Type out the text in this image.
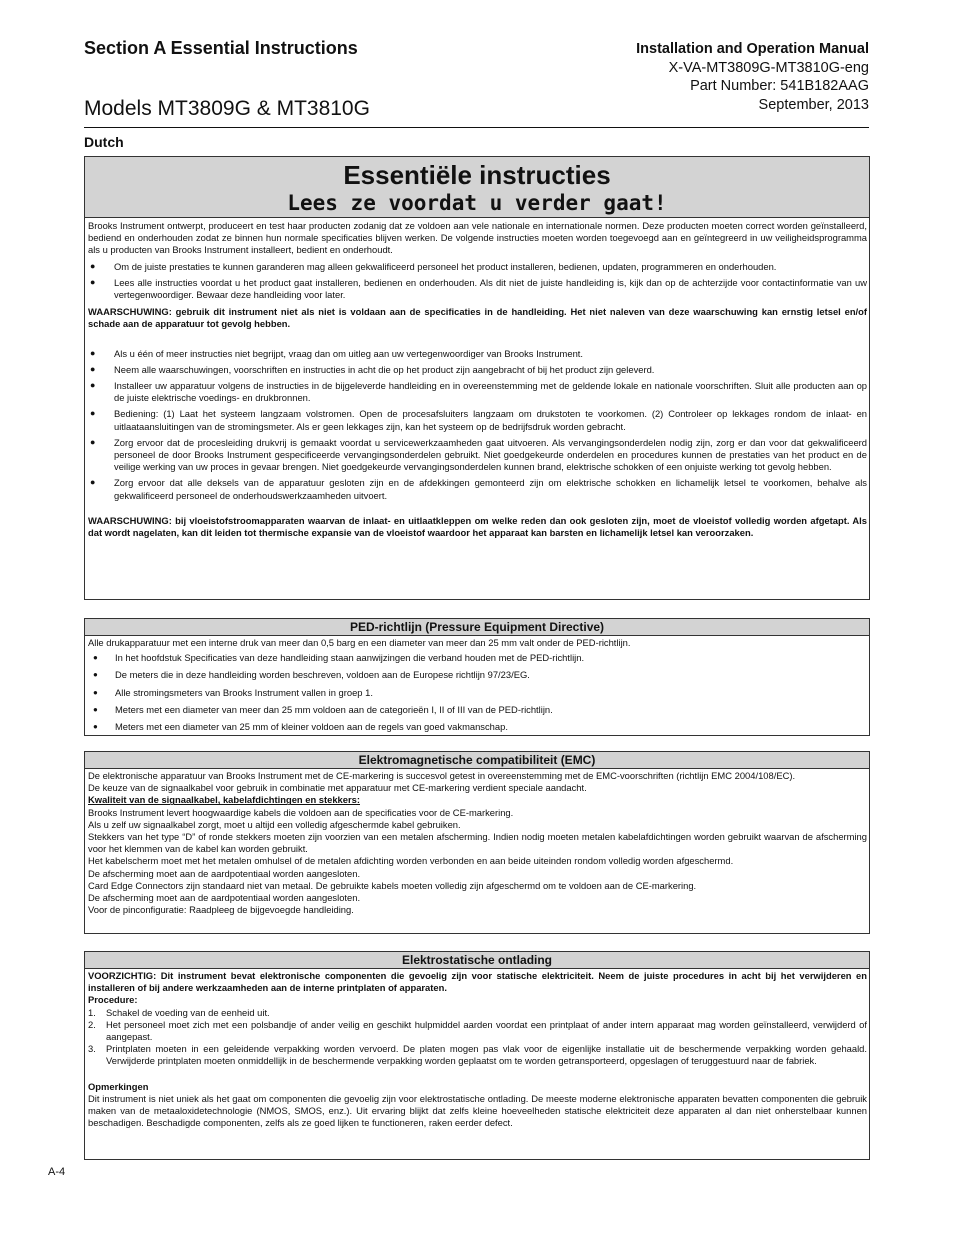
Section A Essential Instructions
Models MT3809G & MT3810G
Installation and Operation Manual
X-VA-MT3809G-MT3810G-eng
Part Number: 541B182AAG
September, 2013
Dutch
Essentiële instructies
Lees ze voordat u verder gaat!

Brooks Instrument ontwerpt, produceert en test haar producten zodanig dat ze voldoen aan vele nationale en internationale normen. Deze producten moeten correct worden geïnstalleerd, bediend en onderhouden zodat ze binnen hun normale specificaties blijven werken. De volgende instructies moeten worden toegevoegd aan en geïntegreerd in uw veiligheidsprogramma als u producten van Brooks Instrument installeert, bedient en onderhoudt.

● Om de juiste prestaties te kunnen garanderen mag alleen gekwalificeerd personeel het product installeren, bedienen, updaten, programmeren en onderhouden.
● Lees alle instructies voordat u het product gaat installeren, bedienen en onderhouden. Als dit niet de juiste handleiding is, kijk dan op de achterzijde voor contactinformatie van uw vertegenwoordiger. Bewaar deze handleiding voor later.

WAARSCHUWING: gebruik dit instrument niet als niet is voldaan aan de specificaties in de handleiding. Het niet naleven van deze waarschuwing kan ernstig letsel en/of schade aan de apparatuur tot gevolg hebben.

● Als u één of meer instructies niet begrijpt, vraag dan om uitleg aan uw vertegenwoordiger van Brooks Instrument.
● Neem alle waarschuwingen, voorschriften en instructies in acht die op het product zijn aangebracht of bij het product zijn geleverd.
● Installeer uw apparatuur volgens de instructies in de bijgeleverde handleiding en in overeenstemming met de geldende lokale en nationale voorschriften. Sluit alle producten aan op de juiste elektrische voedings- en drukbronnen.
● Bediening: (1) Laat het systeem langzaam volstromen. Open de procesafsluiters langzaam om drukstoten te voorkomen. (2) Controleer op lekkages rondom de inlaat- en uitlaataansluitingen van de stromingsmeter. Als er geen lekkages zijn, kan het systeem op de bedrijfsdruk worden gebracht.
● Zorg ervoor dat de procesleiding drukvrij is gemaakt voordat u servicewerkzaamheden gaat uitvoeren. Als vervangingsonderdelen nodig zijn, zorg er dan voor dat gekwalificeerd personeel de door Brooks Instrument gespecificeerde vervangingsonderdelen gebruikt. Niet goedgekeurde onderdelen en procedures kunnen de prestaties van het product en de veilige werking van uw proces in gevaar brengen. Niet goedgekeurde vervangingsonderdelen kunnen brand, elektrische schokken of een onjuiste werking tot gevolg hebben.
● Zorg ervoor dat alle deksels van de apparatuur gesloten zijn en de afdekkingen gemonteerd zijn om elektrische schokken en lichamelijk letsel te voorkomen, behalve als gekwalificeerd personeel de onderhoudswerkzaamheden uitvoert.

WAARSCHUWING: bij vloeistofstroomapparaten waarvan de inlaat- en uitlaatkleppen om welke reden dan ook gesloten zijn, moet de vloeistof volledig worden afgetapt. Als dat wordt nagelaten, kan dit leiden tot thermische expansie van de vloeistof waardoor het apparaat kan barsten en lichamelijk letsel kan veroorzaken.

PED-richtlijn (Pressure Equipment Directive)

Alle drukapparatuur met een interne druk van meer dan 0,5 barg en een diameter van meer dan 25 mm valt onder de PED-richtlijn.

● In het hoofdstuk Specificaties van deze handleiding staan aanwijzingen die verband houden met de PED-richtlijn.
● De meters die in deze handleiding worden beschreven, voldoen aan de Europese richtlijn 97/23/EG.
● Alle stromingsmeters van Brooks Instrument vallen in groep 1.
● Meters met een diameter van meer dan 25 mm voldoen aan de categorieën I, II of III van de PED-richtlijn.
● Meters met een diameter van 25 mm of kleiner voldoen aan de regels van goed vakmanschap.
Elektromagnetische compatibiliteit (EMC)

De elektronische apparatuur van Brooks Instrument met de CE-markering is succesvol getest in overeenstemming met de EMC-voorschriften (richtlijn EMC 2004/108/EC).

De keuze van de signaalkabel voor gebruik in combinatie met apparatuur met CE-markering verdient speciale aandacht.

Kwaliteit van de signaalkabel, kabelafdichtingen en stekkers:

Brooks Instrument levert hoogwaardige kabels die voldoen aan de specificaties voor de CE-markering.

Als u zelf uw signaalkabel zorgt, moet u altijd een volledig afgeschermde kabel gebruiken.

Stekkers van het type “D” of ronde stekkers moeten zijn voorzien van een metalen afscherming. Indien nodig moeten metalen kabelafdichtingen worden gebruikt waarvan de afscherming voor het klemmen van de kabel kan worden gebruikt.

Het kabelscherm moet met het metalen omhulsel of de metalen afdichting worden verbonden en aan beide uiteinden rondom volledig worden afgeschermd.

De afscherming moet aan de aardpotentiaal worden aangesloten.

Card Edge Connectors zijn standaard niet van metaal. De gebruikte kabels moeten volledig zijn afgeschermd om te voldoen aan de CE-markering.

De afscherming moet aan de aardpotentiaal worden aangesloten.

Voor de pinconfiguratie: Raadpleeg de bijgevoegde handleiding.

Elektrostatische ontlading

VOORZICHTIG: Dit instrument bevat elektronische componenten die gevoelig zijn voor statische elektriciteit. Neem de juiste procedures in acht bij het verwijderen en installeren of bij andere werkzaamheden aan de interne printplaten of apparaten.

Procedure:

1. Schakel de voeding van de eenheid uit.
2. Het personeel moet zich met een polsbandje of ander veilig en geschikt hulpmiddel aarden voordat een printplaat of ander intern apparaat mag worden geïnstalleerd, verwijderd of aangepast.
3. Printplaten moeten in een geleidende verpakking worden vervoerd. De platen mogen pas vlak voor de eigenlijke installatie uit de beschermende verpakking worden gehaald. Verwijderde printplaten moeten onmiddellijk in de beschermende verpakking worden geplaatst om te worden getransporteerd, opgeslagen of teruggestuurd naar de fabriek.

Opmerkingen

Dit instrument is niet uniek als het gaat om componenten die gevoelig zijn voor elektrostatische ontlading. De meeste moderne elektronische apparaten bevatten componenten die gebruik maken van de metaaloxidetechnologie (NMOS, SMOS, enz.). Uit ervaring blijkt dat zelfs kleine hoeveelheden statische elektriciteit deze apparaten al dan niet onherstelbaar kunnen beschadigen. Beschadigde componenten, zelfs als ze goed lijken te functioneren, raken eerder defect.

A-4
